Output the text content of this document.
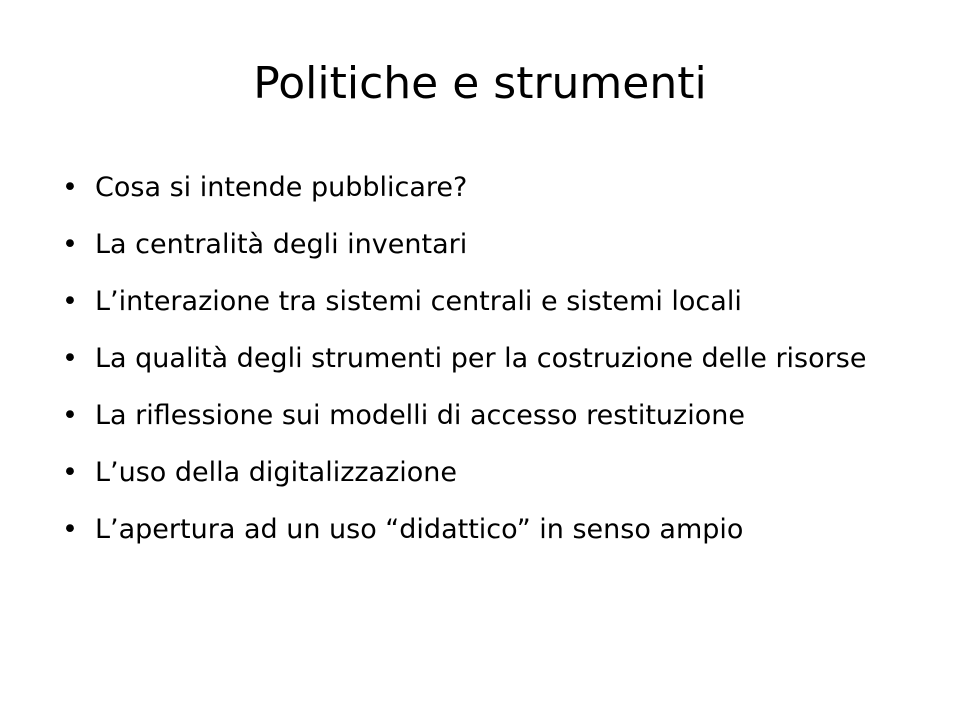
Politiche e strumenti
• Cosa si intende pubblicare?
• La centralità degli inventari
• L’interazione tra sistemi centrali e sistemi locali
• La qualità degli strumenti per la costruzione delle risorse
• La riflessione sui modelli di accesso restituzione
• L’uso della digitalizzazione
• L’apertura ad un uso “didattico” in senso ampio
